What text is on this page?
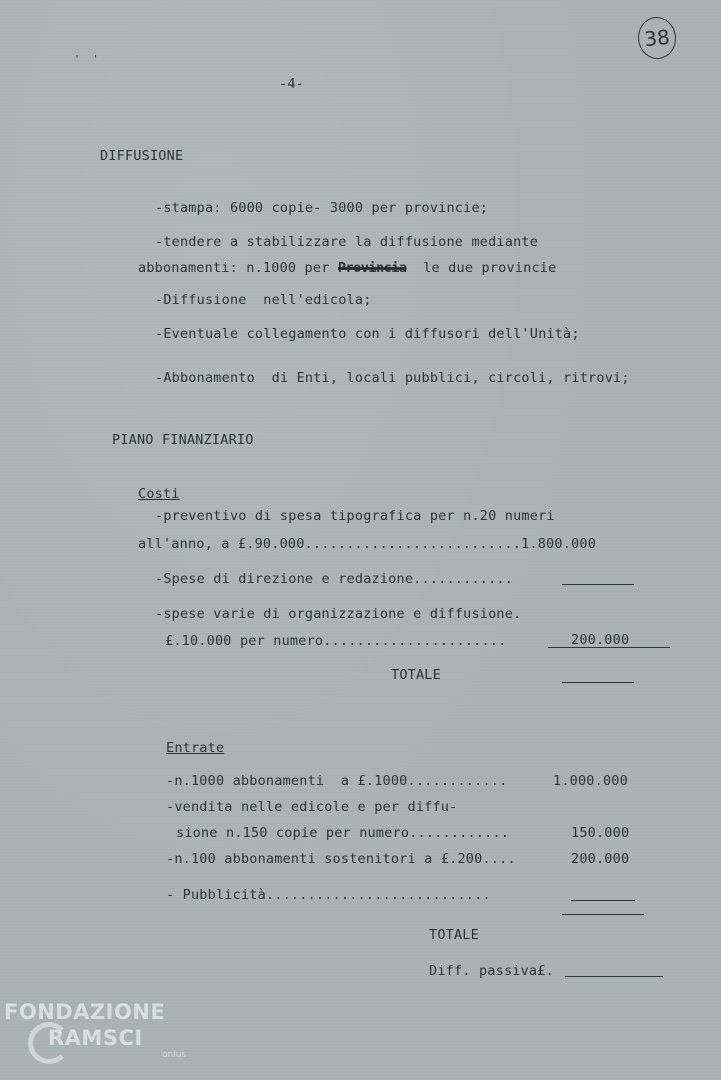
38
'  '
-4-
DIFFUSIONE
-stampa: 6000 copie- 3000 per provincie;
-tendere a stabilizzare la diffusione mediante
abbonamenti: n.1000 per Provincia le due provincie
-Diffusione  nell'edicola;
-Eventuale collegamento con i diffusori dell'Unità;
-Abbonamento  di Enti, locali pubblici, circoli, ritrovi;
PIANO FINANZIARIO
Costi
-preventivo di spesa tipografica per n.20 numeri
all'anno, a £.90.000..........................1.800.000
-Spese di direzione e redazione............
-spese varie di organizzazione e diffusione.
£.10.000 per numero......................	200.000
TOTALE
Entrate
-n.1000 abbonamenti  a £.1000............	1.000.000
-vendita nelle edicole e per diffu-
sione n.150 copie per numero............	150.000
-n.100 abbonamenti sostenitori a £.200....	200.000
- Pubblicità...........................
TOTALE
Diff. passiva£.
FONDAZIONE
RAMSCI
onlus
